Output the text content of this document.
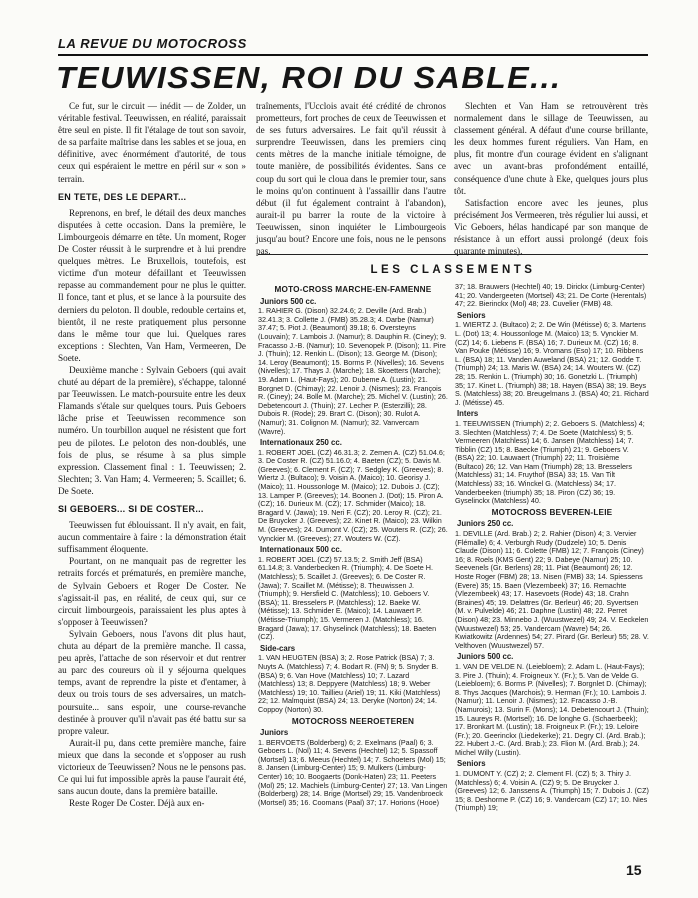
LA REVUE DU MOTOCROSS
TEUWISSEN, ROI DU SABLE...

Ce fut, sur le circuit — inédit — de Zolder, un véritable festival. Teeuwissen, en réalité, paraissait être seul en piste. Il fit l'étalage de tout son savoir, de sa parfaite maîtrise dans les sables et se joua, en définitive, avec énormément d'autorité, de tous ceux qui espéraient le mettre en péril sur « son » terrain.

EN TETE, DES LE DEPART...

Reprenons, en bref, le détail des deux manches disputées à cette occasion. Dans la première, le Limbourgeois démarre en tête. Un moment, Roger De Coster réussit à le surprendre et à lui prendre quelques mètres. Le Bruxellois, toutefois, est victime d'un moteur défaillant et Teeuwissen repasse au commandement pour ne plus le quitter. Il fonce, tant et plus, et se lance à la poursuite des derniers du peloton. Il double, redouble certains et, bientôt, il ne reste pratiquement plus personne dans le même tour que lui. Quelques rares exceptions : Slechten, Van Ham, Vermeeren, De Soete.

Deuxième manche : Sylvain Geboers (qui avait chuté au départ de la première), s'échappe, talonné par Teeuwissen. Le match-poursuite entre les deux Flamands s'étale sur quelques tours. Puis Geboers lâche prise et Teeuwissen recommence son numéro. Un tourbillon auquel ne résistent que fort peu de pilotes. Le peloton des non-doublés, une fois de plus, se résume à sa plus simple expression. Classement final : 1. Teeuwissen; 2. Slechten; 3. Van Ham; 4. Vermeeren; 5. Scaillet; 6. De Soete.

SI GEBOERS... SI DE COSTER...

Teeuwissen fut éblouissant. Il n'y avait, en fait, aucun commentaire à faire : la démonstration était suffisamment éloquente.

Pourtant, on ne manquait pas de regretter les retraits forcés et prématurés, en première manche, de Sylvain Geboers et Roger De Coster. Ne s'agissait-il pas, en réalité, de ceux qui, sur ce circuit limbourgeois, paraissaient les plus aptes à s'opposer à Teeuwissen?

Sylvain Geboers, nous l'avons dit plus haut, chuta au départ de la première manche. Il cassa, peu après, l'attache de son réservoir et dut rentrer au parc des coureurs où il y séjourna quelques temps, avant de reprendre la piste et d'entamer, à deux ou trois tours de ses adversaires, un match-poursuite... sans espoir, une course-revanche destinée à prouver qu'il n'avait pas été battu sur sa propre valeur.

Aurait-il pu, dans cette première manche, faire mieux que dans la seconde et s'opposer au rush victorieux de Teeuwissen? Nous ne le pensons pas. Ce qui lui fut impossible après la pause l'aurait été, sans aucun doute, dans la première bataille.

Reste Roger De Coster. Déjà aux en-

traînements, l'Ucclois avait été crédité de chronos prometteurs, fort proches de ceux de Teeuwissen et de ses futurs adversaires. Le fait qu'il réussit à surprendre Teeuwissen, dans les premiers cinq cents mètres de la manche initiale témoigne, de toute manière, de possibilités évidentes. Sans ce coup du sort qui le cloua dans le premier tour, sans le moins qu'on continuent à l'assaillir dans l'autre début (il fut également contraint à l'abandon), aurait-il pu barrer la route de la victoire à Teeuwissen, sinon inquiéter le Limbourgeois jusqu'au bout? Encore une fois, nous ne le pensons pas.

Slechten et Van Ham se retrouvèrent très normalement dans le sillage de Teeuwissen, au classement général. A défaut d'une course brillante, les deux hommes furent réguliers. Van Ham, en plus, fit montre d'un courage évident en s'alignant avec un avant-bras profondément entaillé, conséquence d'une chute à Eke, quelques jours plus tôt.

Satisfaction encore avec les jeunes, plus précisément Jos Vermeeren, très régulier lui aussi, et Vic Geboers, hélas handicapé par son manque de résistance à un effort aussi prolongé (deux fois quarante minutes).

LES CLASSEMENTS
MOTO-CROSS MARCHE-EN-FAMENNE
Juniors 500 cc.

1. RAHIER G. (Dison) 32.24.6; 2. Deville (Ard. Brab.) 32.41.3; 3. Collette J. (FMB) 35.28.3; 4. Darbe (Namur) 37.47; 5. Piot J. (Beaumont) 39.18; 6. Oversteyns (Louvain); 7. Lambois J. (Namur); 8. Dauphin R. (Ciney); 9. Fracasso J.-B. (Namur); 10. Sevenopek P. (Dison); 11. Pire J. (Thuin); 12. Renkin L. (Dison); 13. George M. (Dison); 14. Leroy (Beaumont); 15. Borms P. (Nivelles); 16. Sevens (Nivelles); 17. Thays J. (Marche); 18. Skoetters (Marche); 19. Adam L. (Haut-Fays); 20. Dubeme A. (Lustin); 21. Borgnet D. (Chimay); 22. Lenoir J. (Nismes); 23. François R. (Ciney); 24. Bolle M. (Marche); 25. Michel V. (Lustin); 26. Debetencourt J. (Thuin); 27. Lecher P. (Esterzilli); 28. Dubois R. (Rode); 29. Brart C. (Dison); 30. Rulot A. (Namur); 31. Colignon M. (Namur); 32. Vanvercam (Wavre).

Internationaux 250 cc.

1. ROBERT JOEL (CZ) 46.31.3; 2. Zemen A. (CZ) 51.04.6; 3. De Coster R. (CZ) 51.16.0; 4. Baeten (CZ); 5. Davis M. (Greeves); 6. Clement F. (CZ); 7. Sedgley K. (Greeves); 8. Wiertz J. (Bultaco); 9. Voisin A. (Maico); 10. Georisy J. (Maico); 11. Houssonloge M. (Maico); 12. Dubois J. (CZ); 13. Lamper P. (Greeves); 14. Boonen J. (Dot); 15. Piron A. (CZ); 16. Durieux M. (CZ); 17. Schmider (Maico); 18. Bragard V. (Jawa); 19. Neri F. (CZ); 20. Leroy R. (CZ); 21. De Bruycker J. (Greeves); 22. Kinet R. (Maico); 23. Wilkin M. (Greeves); 24. Dumont V. (CZ); 25. Wouters R. (CZ); 26. Vynckier M. (Greeves); 27. Wouters W. (CZ).

Internationaux 500 cc.

1. ROBERT JOEL (CZ) 57.13.5; 2. Smith Jeff (BSA) 61.14.8; 3. Vanderbecken R. (Triumph); 4. De Soete H. (Matchless); 5. Scaillet J. (Greeves); 6. De Coster R. (Jawa); 7. Scaillet M. (Métisse); 8. Theuwissen J. (Triumph); 9. Hersfield C. (Matchless); 10. Geboers V. (BSA); 11. Bresselers P. (Matchless); 12. Baeke W. (Métisse); 13. Schmider E. (Maico); 14. Lauwaert P. (Métisse-Triumph); 15. Vermeren J. (Matchless); 16. Bragard (Jawa); 17. Ghyselinck (Matchless); 18. Baeten (CZ).

Side-cars

1. VAN HEUGTEN (BSA) 3; 2. Rose Patrick (BSA) 7; 3. Nuyts A. (Matchless) 7; 4. Bodart R. (FN) 9; 5. Snyder B. (BSA) 9; 6. Van Hove (Matchless) 10; 7. Lazard (Matchless) 13; 8. Deppyere (Matchless) 18; 9. Weber (Matchless) 19; 10. Taillieu (Ariel) 19; 11. Kiki (Matchless) 22; 12. Malmquist (BSA) 24; 13. Deryke (Norton) 24; 14. Coppoy (Norton) 30.

MOTOCROSS NEEROETEREN
Juniors

1. BERVOETS (Bolderberg) 6; 2. Exelmans (Paal) 6; 3. Geboers L. (Nol) 11; 4. Sevens (Hechtel) 12; 5. Spassoff (Mortsel) 13; 6. Meeus (Hechtel) 14; 7. Schoeters (Mol) 15; 8. Jansen (Limburg-Center) 15; 9. Mulkers (Limburg-Center) 16; 10. Boogaerts (Donk-Haten) 23; 11. Peeters (Mol) 25; 12. Machiels (Limburg-Center) 27; 13. Van Lingen (Bolderberg) 28; 14. Brige (Mortsel) 29; 15. Vandenbroeck (Mortsel) 35; 16. Coomans (Paal) 37; 17. Horions (Hooe)

37; 18. Brauwers (Hechtel) 40; 19. Dirickx (Limburg-Center) 41; 20. Vandergeeten (Mortsel) 43; 21. De Corte (Herentals) 47; 22. Bierinckx (Mol) 48; 23. Cuvelier (FMB) 48.

Seniors

1. WIERTZ J. (Bultaco) 2; 2. De Win (Métisse) 6; 3. Martens L. (Dot) 13; 4. Houssonloge M. (Maico) 13; 5. Vynckier M. (CZ) 14; 6. Liebens F. (BSA) 16; 7. Durieux M. (CZ) 16; 8. Van Pouke (Métisse) 16; 9. Vromans (Eso) 17; 10. Ribbens L. (BSA) 18; 11. Vanden Auweland (BSA) 21; 12. Godde T. (Triumph) 24; 13. Maris W. (BSA) 24; 14. Wouters W. (CZ) 28; 15. Renkin L. (Triumph) 30; 16. Gonetzki L. (Triumph) 35; 17. Kinet L. (Triumph) 38; 18. Hayen (BSA) 38; 19. Beys S. (Matchless) 38; 20. Breugelmans J. (BSA) 40; 21. Richard J. (Métisse) 45.

Inters

1. TEEUWISSEN (Triumph) 2; 2. Geboers S. (Matchless) 4; 3. Slechten (Matchless) 7; 4. De Soete (Matchless) 9; 5. Vermeeren (Matchless) 14; 6. Jansen (Matchless) 14; 7. Tibblin (CZ) 15; 8. Baecke (Triumph) 21; 9. Geboers V. (BSA) 22; 10. Lauwaert (Triumph) 22; 11. Troisième (Bultaco) 26; 12. Van Ham (Triumph) 28; 13. Bresselers (Matchless) 31; 14. Fruythof (BSA) 33; 15. Van Tilt (Matchless) 33; 16. Winckel G. (Matchless) 34; 17. Vanderbeeken (triumph) 35; 18. Piron (CZ) 36; 19. Gyselinckx (Matchless) 40.

MOTOCROSS BEVEREN-LEIE
Juniors 250 cc.

1. DEVILLE (Ard. Brab.) 2; 2. Rahier (Dison) 4; 3. Vervier (Flémalle) 6; 4. Verburgh Rudy (Dudzele) 10; 5. Denis Claude (Dison) 11; 6. Colette (FMB) 12; 7. François (Ciney) 16; 8. Roels (KMS Gent) 22; 9. Dabeye (Namur) 25; 10. Seevenels (Gr. Berlens) 28; 11. Piat (Beaumont) 26; 12. Hoste Roger (FBM) 28; 13. Nisen (FMB) 33; 14. Spiessens (Evere) 35; 15. Baen (Vlezembeek) 37; 16. Remachte (Vlezembeek) 43; 17. Hasevoets (Rode) 43; 18. Crahn (Braines) 45; 19. Delattres (Gr. Berleur) 46; 20. Syvertsen (M. v. Pulvelde) 46; 21. Daphne (Lustin) 48; 22. Perret (Dison) 48; 23. Minnebo J. (Wuustwezel) 49; 24. V. Eeckelen (Wuustwezel) 53; 25. Vandercam (Wavre) 54; 26. Kwiatkowitz (Ardennes) 54; 27. Pirard (Gr. Berleur) 55; 28. V. Velthoven (Wuustwezel) 57.

Juniors 500 cc.

1. VAN DE VELDE N. (Leiebloem); 2. Adam L. (Haut-Fays); 3. Pire J. (Thuin); 4. Froigneux Y. (Fr.); 5. Van de Velde G. (Leiebloem); 6. Borms P. (Nivelles); 7. Borgnlet D. (Chimay); 8. Thys Jacques (Marchois); 9. Herman (Fr.); 10. Lambois J. (Namur); 11. Lenoir J. (Nismes); 12. Fracasso J.-B. (Namurois); 13. Surin F. (Mons); 14. Debetencourt J. (Thuin); 15. Laureys R. (Mortsel); 16. De longhe G. (Schaerbeek); 17. Bronkart M. (Lustin); 18. Froigneux P. (Fr.); 19. Leloire (Fr.); 20. Geerinckx (Liedekerke); 21. Degry Cl. (Ard. Brab.); 22. Hubert J.-C. (Ard. Brab.); 23. Flion M. (Ard. Brab.); 24. Michel Willy (Lustin).

Seniors

1. DUMONT Y. (CZ) 2; 2. Clement Fl. (CZ) 5; 3. Thiry J. (Matchless) 6; 4. Voisin A. (CZ) 9; 5. De Bruycker J. (Greeves) 12; 6. Janssens A. (Triumph) 15; 7. Dubois J. (CZ) 15; 8. Deshorme P. (CZ) 16; 9. Vandercam (CZ) 17; 10. Nies (Triumph) 19;

15
